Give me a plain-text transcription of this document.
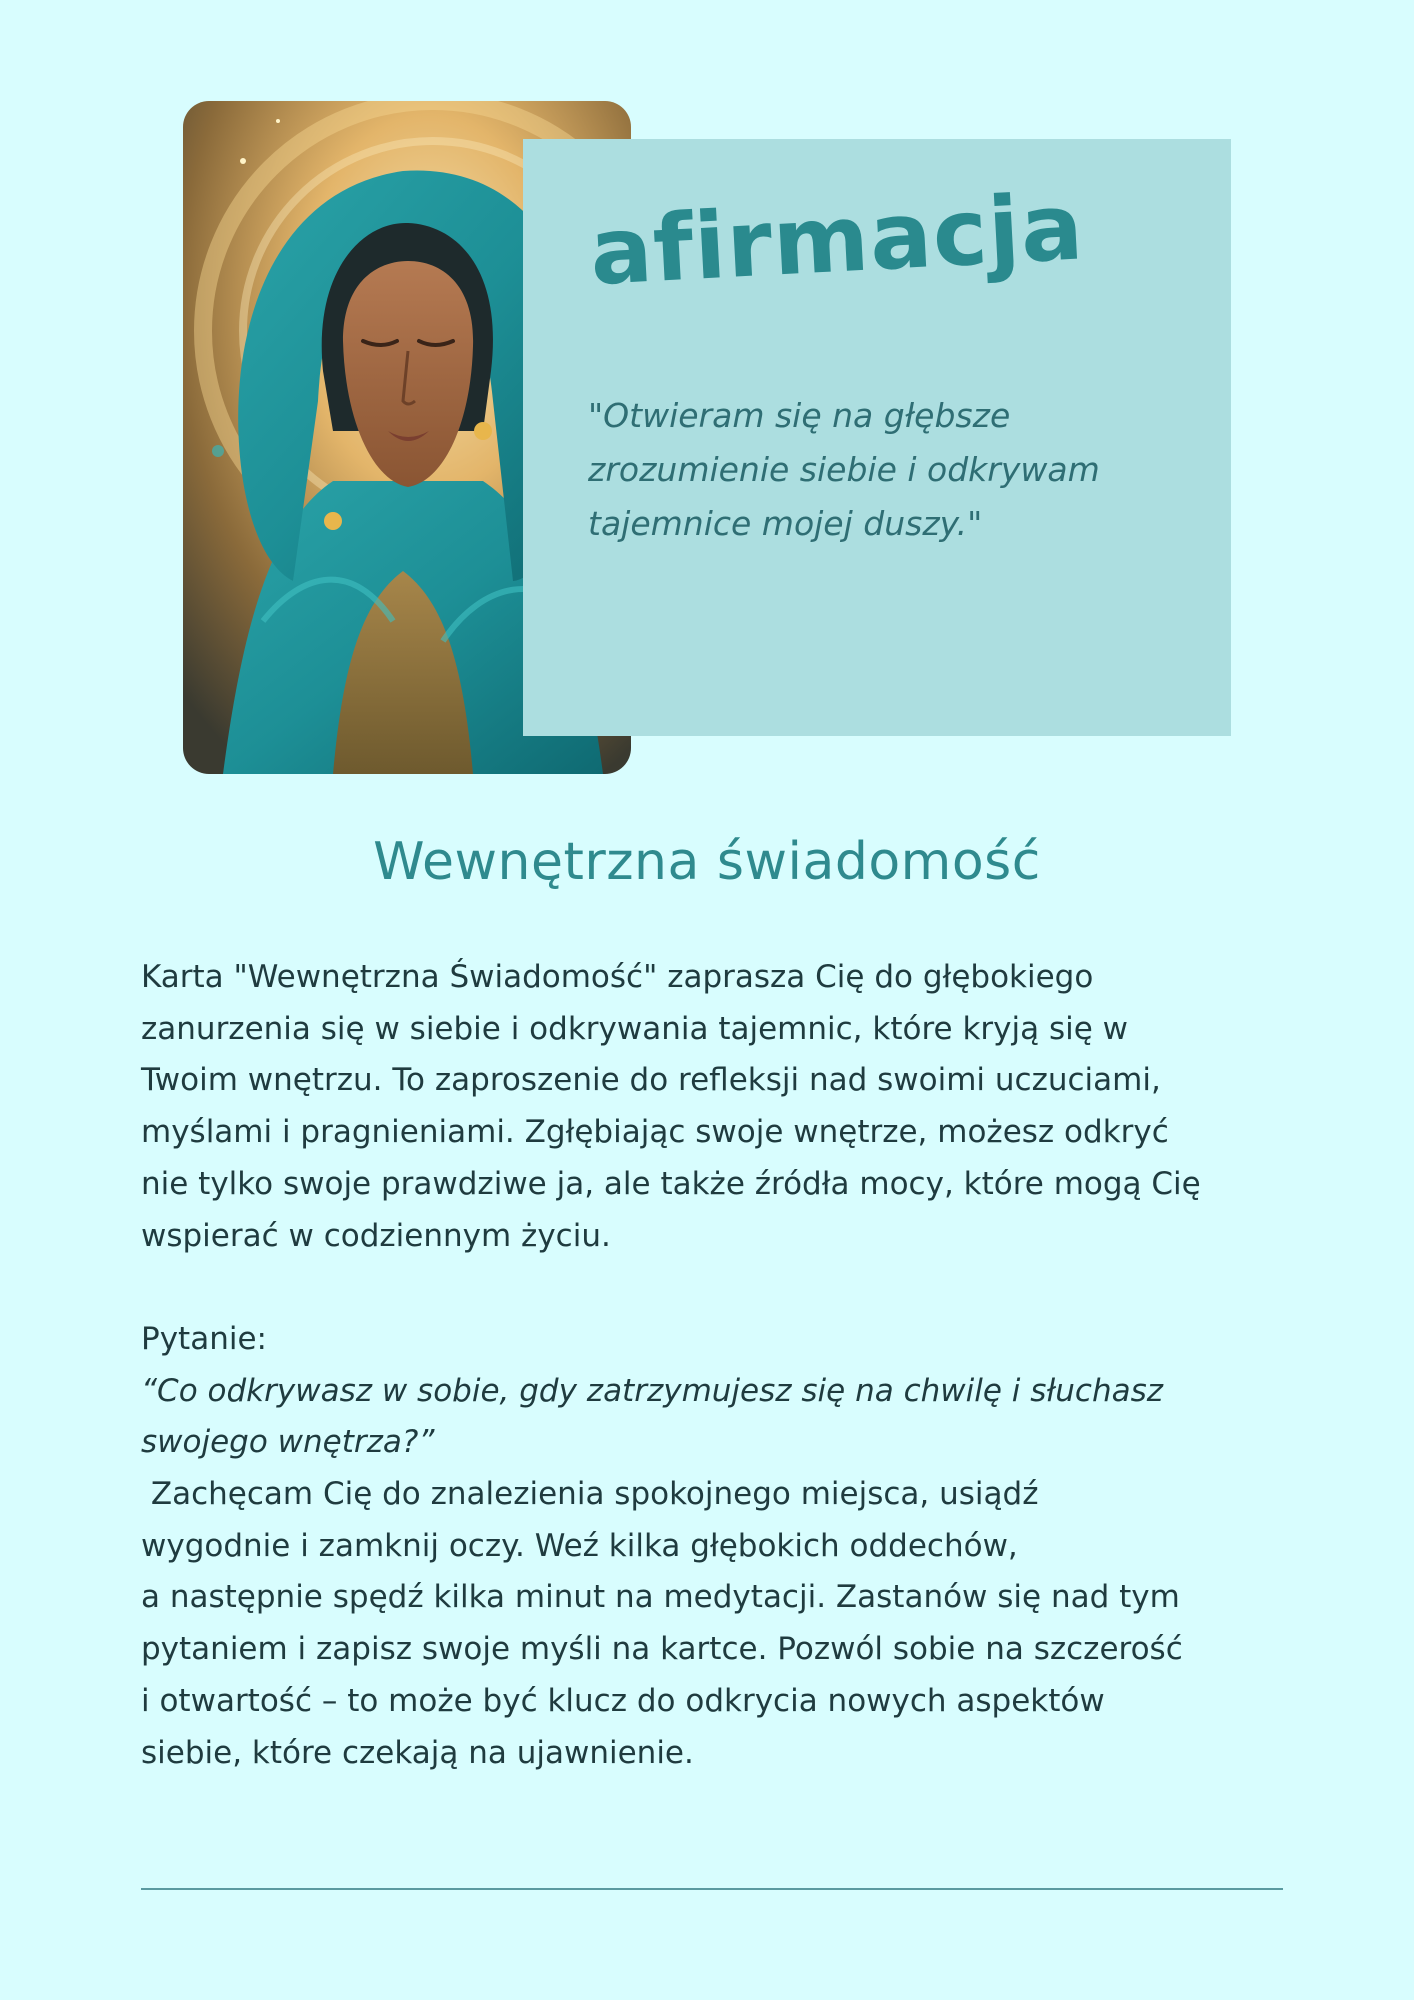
afirmacja

"Otwieram się na głębsze
zrozumienie siebie i odkrywam
tajemnice mojej duszy."

Wewnętrzna świadomość

Karta "Wewnętrzna Świadomość" zaprasza Cię do głębokiego
zanurzenia się w siebie i odkrywania tajemnic, które kryją się w
Twoim wnętrzu. To zaproszenie do refleksji nad swoimi uczuciami,
myślami i pragnieniami. Zgłębiając swoje wnętrze, możesz odkryć
nie tylko swoje prawdziwe ja, ale także źródła mocy, które mogą Cię
wspierać w codziennym życiu.

Pytanie:

“Co odkrywasz w sobie, gdy zatrzymujesz się na chwilę i słuchasz
swojego wnętrza?”

Zachęcam Cię do znalezienia spokojnego miejsca, usiądź
wygodnie i zamknij oczy. Weź kilka głębokich oddechów,
a następnie spędź kilka minut na medytacji. Zastanów się nad tym
pytaniem i zapisz swoje myśli na kartce. Pozwól sobie na szczerość
i otwartość – to może być klucz do odkrycia nowych aspektów
siebie, które czekają na ujawnienie.
